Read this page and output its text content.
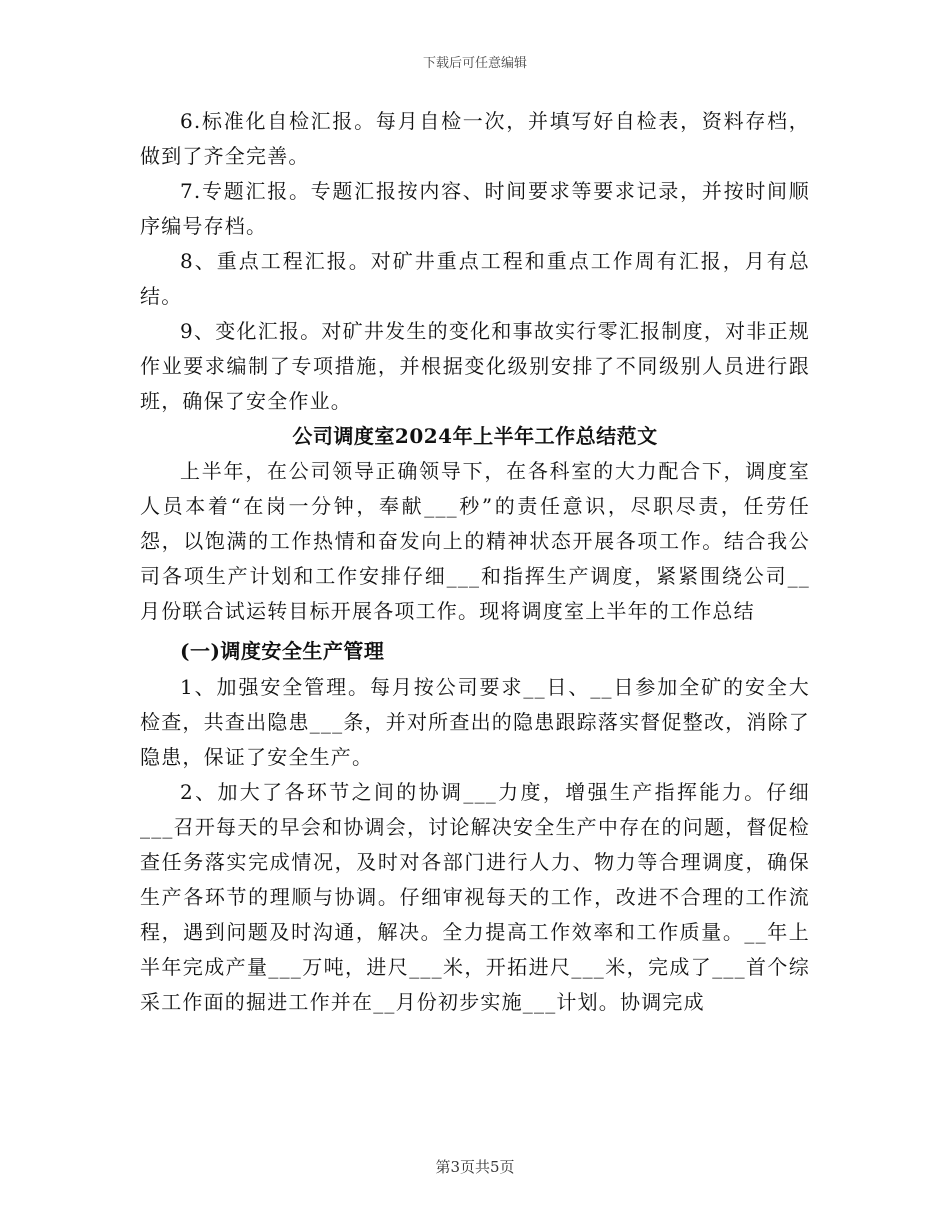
下载后可任意编辑

6.标准化自检汇报。每月自检一次，并填写好自检表，资料存档，做到了齐全完善。

7.专题汇报。专题汇报按内容、时间要求等要求记录，并按时间顺序编号存档。

8、重点工程汇报。对矿井重点工程和重点工作周有汇报，月有总结。

9、变化汇报。对矿井发生的变化和事故实行零汇报制度，对非正规作业要求编制了专项措施，并根据变化级别安排了不同级别人员进行跟班，确保了安全作业。

公司调度室2024年上半年工作总结范文

上半年，在公司领导正确领导下，在各科室的大力配合下，调度室人员本着“在岗一分钟，奉献___秒”的责任意识，尽职尽责，任劳任怨，以饱满的工作热情和奋发向上的精神状态开展各项工作。结合我公司各项生产计划和工作安排仔细___和指挥生产调度，紧紧围绕公司__月份联合试运转目标开展各项工作。现将调度室上半年的工作总结

(一)调度安全生产管理

1、加强安全管理。每月按公司要求__日、__日参加全矿的安全大检查，共查出隐患___条，并对所查出的隐患跟踪落实督促整改，消除了隐患，保证了安全生产。

2、加大了各环节之间的协调___力度，增强生产指挥能力。仔细___召开每天的早会和协调会，讨论解决安全生产中存在的问题，督促检查任务落实完成情况，及时对各部门进行人力、物力等合理调度，确保生产各环节的理顺与协调。仔细审视每天的工作，改进不合理的工作流程，遇到问题及时沟通，解决。全力提高工作效率和工作质量。__年上半年完成产量___万吨，进尺___米，开拓进尺___米，完成了___首个综采工作面的掘进工作并在__月份初步实施___计划。协调完成

第3页共5页
